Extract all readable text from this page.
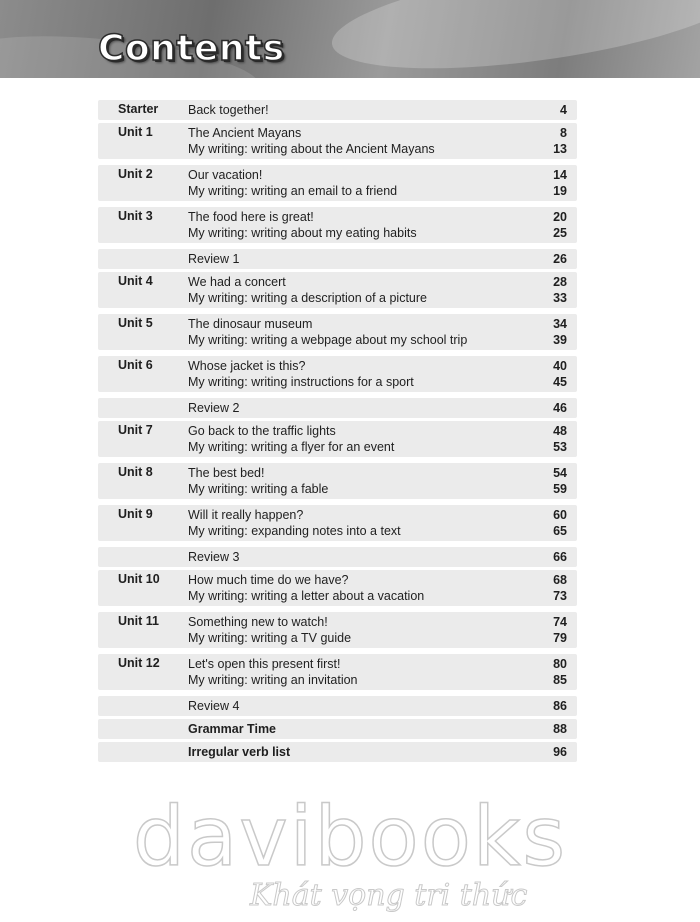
Contents
Starter Back together!	4
Unit 1	The Ancient Mayans	8
My writing: writing about the Ancient Mayans	13
Unit 2	Our vacation!	14
My writing: writing an email to a friend	19
Unit 3	The food here is great!	20
My writing: writing about my eating habits	25
Review 1	26
Unit 4	We had a concert	28
My writing: writing a description of a picture	33
Unit 5	The dinosaur museum	34
My writing: writing a webpage about my school trip	39
Unit 6	Whose jacket is this?	40
My writing: writing instructions for a sport	45
Review 2	46
Unit 7	Go back to the traffic lights	48
My writing: writing a flyer for an event	53
Unit 8	The best bed!	54
My writing: writing a fable	59
Unit 9	Will it really happen?	60
My writing: expanding notes into a text	65
Review 3	66
Unit 10 How much time do we have?	68
My writing: writing a letter about a vacation	73
Unit 11 Something new to watch!	74
My writing: writing a TV guide	79
Unit 12 Let's open this present first!	80
My writing: writing an invitation	85
Review 4	86
Grammar Time	88
Irregular verb list	96
davibooks
Khát vọng tri thức
